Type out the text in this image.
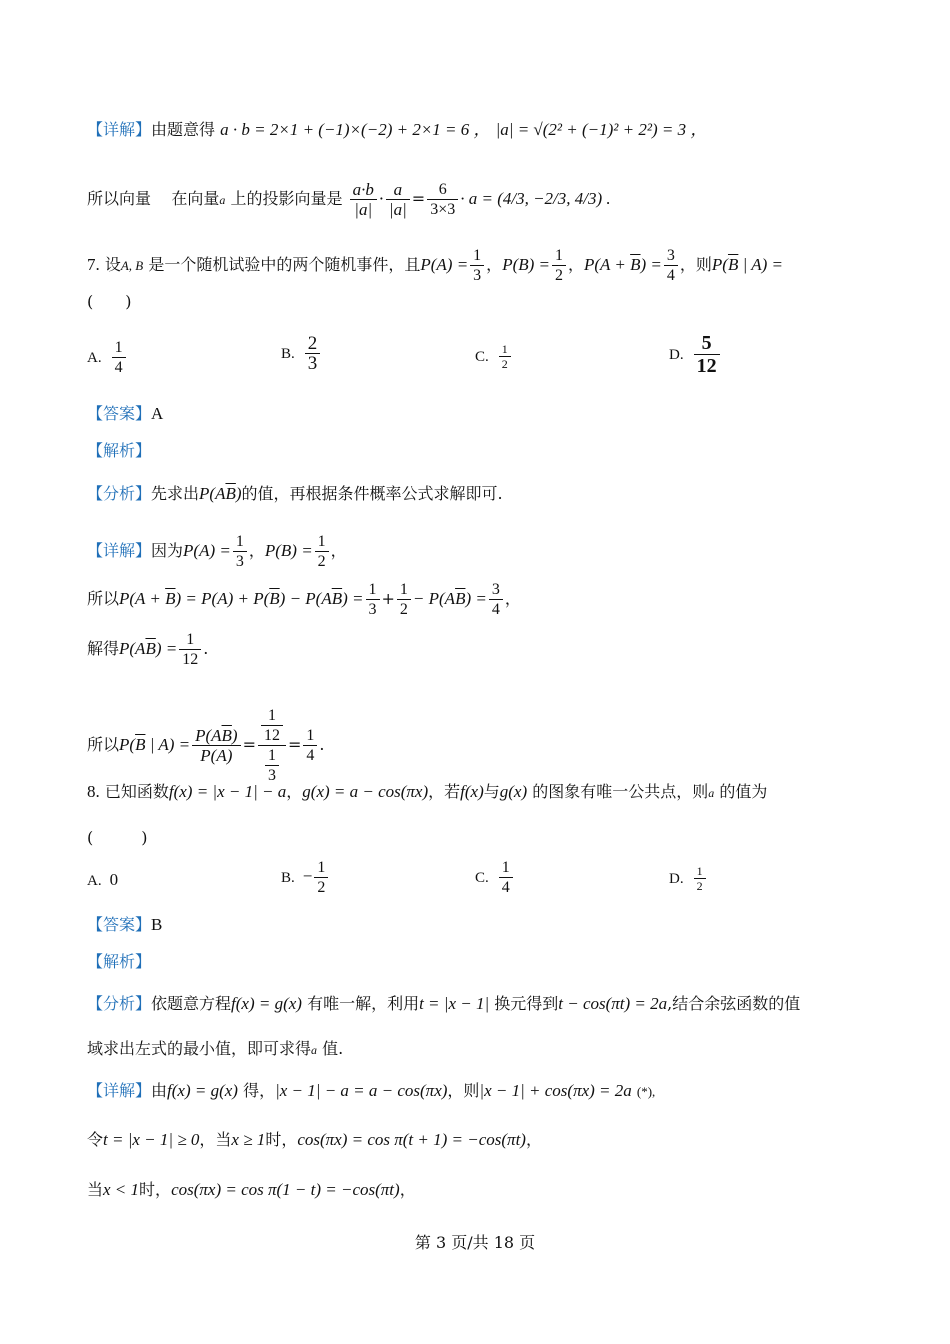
【详解】由题意得 a · b = 2×1 + (−1)×(−2) + 2×1 = 6 ， |a| = √(2² + (−1)² + 2²) = 3 ，
所以向量 在向量a 上的投影向量是 $\frac{a\cdot b}{|a|} \cdot \frac{a}{|a|} = \frac{6}{3\times 3} \cdot a = (4/3$, −2/3, 4/3) .
7. 设A, B 是一个随机试验中的两个随机事件，且$P(A) = \frac{1}{3}$ ，$P(B) = \frac{1}{2}$ ，$P(A + \overline{B}) = \frac{3}{4}$ ，则$P(\overline{B}$ | A) =
(　　)
A. $\frac{1}{4}$	B. $\frac{2}{3}$	C. $\frac{1}{2}$	D. $\frac{5}{12}$
【答案】A
【解析】
【分析】先求出$P(A\overline{B})$的值，再根据条件概率公式求解即可.
【详解】因为$P(A) = \frac{1}{3}$ ，$P(B) = \frac{1}{2}$ ，
所以$P(A + \overline{B}) = P(A) + P(\overline{B}) - P(A\overline{B}) = \frac{1}{3} + \frac{1}{2} - P(A\overline{B}) = \frac{3}{4}$ ，
解得$P(A\overline{B}) = \frac{1}{12}$ .
所以$P(\overline{B}$ | $A) = \frac{P(A\overline{B})}{P(A)} = \frac{\frac{1}{12}}{\frac{1}{3}} = \frac{1}{4}$ .
8. 已知函数f(x) = |x − 1| − a，g(x) = a − cos(πx)，若f(x)与g(x) 的图象有唯一公共点，则a 的值为
(　　　)
A. 0	B. − $\frac{1}{2}$	C. $\frac{1}{4}$	D. $\frac{1}{2}$
【答案】B
【解析】
【分析】依题意方程f(x) = g(x) 有唯一解，利用t = |x − 1| 换元得到t − cos(πt) = 2a,结合余弦函数的值
域求出左式的最小值，即可求得a 值.
【详解】由f(x) = g(x) 得，|x − 1| − a = a − cos(πx)，则|x − 1| + cos(πx) = 2a (*),
令t = |x − 1| ≥ 0，当x ≥ 1时，cos(πx) = cos π(t + 1) = −cos(πt)，
当x < 1时，cos(πx) = cos π(1 − t) = −cos(πt)，
第 3 页/共 18 页
